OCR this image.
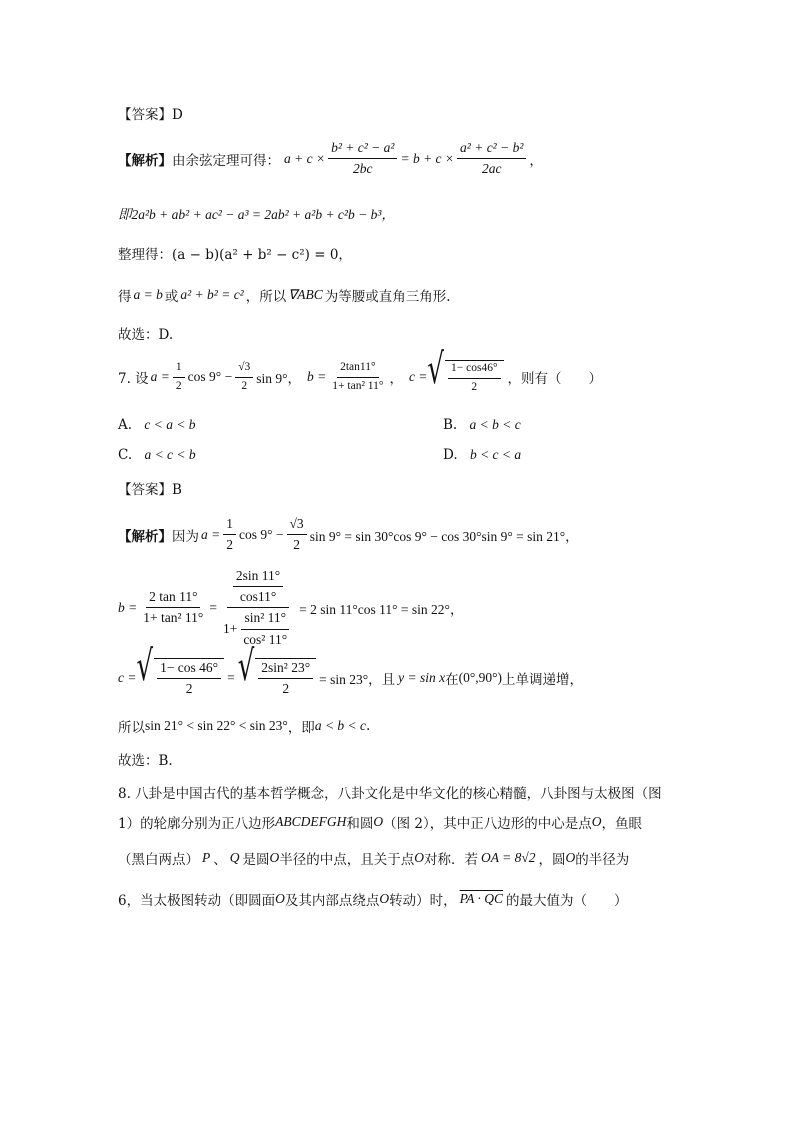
【答案】D
【解析】 由余弦定理可得： $a + c \times \frac{\text{b² + c² − a²}}{2bc} = b + c \times \frac{\text{a² + c² − b²}}{2ac}$ ，
即2a²b + ab² + ac² − a³ = 2ab² + a²b + c²b − b³，
整理得：(a − b)(a² + b² − c²) = 0，
得 a = b 或 a² + b² = c² ，所以 ∇ABC 为等腰或直角三角形.
故选：D.
7. 设 $a = \frac{1}{2}$ $\cos 9^\circ - \frac{√3}{2}$ sin 9°， $b = \frac{2\tan 11^\circ}{\text{1+ tan² 11°}}$ ， c = √ $\frac{1- \cos 46^\circ}{2}$ ，则有（　　）
A. c < a < b	B. a < b < c
C. a < c < b	D. b < c < a
【答案】B
【解析】 因为 $a = \frac{1}{2}$ $\cos 9^\circ - \frac{√3}{2}$ sin 9° = sin 30°cos 9° − cos 30°sin 9° = sin 21°，
$b = \frac{2 \tan 11^\circ}{\text{1+ tan² 11°}} = \frac{\frac{2\sin 11^\circ}{\cos 11^\circ}}{1+ \frac{\text{sin² 11°}}{\text{cos² 11°}}} = 2$ sin 11°cos 11° = sin 22°，
c = √ $\frac{1- \cos 46^\circ}{2}$ = √ $\frac{\text{2sin² 23°}}{2} = \sin 23^\circ$，且 y = sin x 在 (0°,90°) 上单调递增，
所以 sin 21° < sin 22° < sin 23° ，即 a < b < c .
故选：B.
8. 八卦是中国古代的基本哲学概念，八卦文化是中华文化的核心精髓，八卦图与太极图（图
1）的轮廓分别为正八边形 ABCDEFGH 和圆 O （图 2），其中正八边形的中心是点 O ，鱼眼
（黑白两点） P 、 Q 是圆 O 半径的中点，且关于点 O 对称．若 OA = 8√2 ，圆 O 的半径为
6，当太极图转动（即圆面 O 及其内部点绕点 O 转动）时， PA · QC 的最大值为（　　）
